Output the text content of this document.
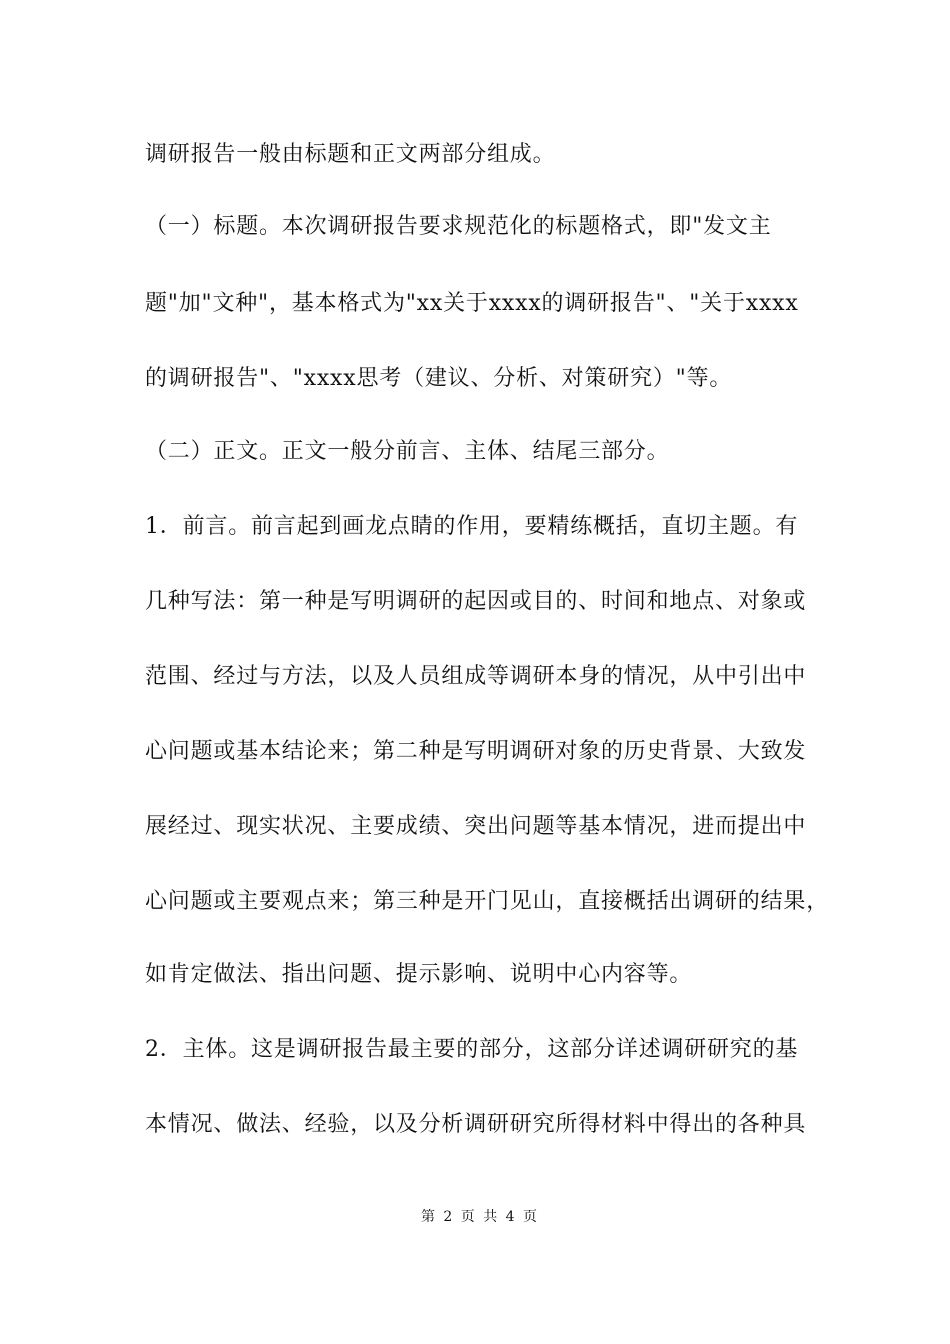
调研报告一般由标题和正文两部分组成。
（一）标题。本次调研报告要求规范化的标题格式，即"发文主
题"加"文种"，基本格式为"xx关于xxxx的调研报告"、"关于xxxx
的调研报告"、"xxxx思考（建议、分析、对策研究）"等。
（二）正文。正文一般分前言、主体、结尾三部分。
1．前言。前言起到画龙点睛的作用，要精练概括，直切主题。有
几种写法：第一种是写明调研的起因或目的、时间和地点、对象或
范围、经过与方法，以及人员组成等调研本身的情况，从中引出中
心问题或基本结论来；第二种是写明调研对象的历史背景、大致发
展经过、现实状况、主要成绩、突出问题等基本情况，进而提出中
心问题或主要观点来；第三种是开门见山，直接概括出调研的结果，
如肯定做法、指出问题、提示影响、说明中心内容等。
2．主体。这是调研报告最主要的部分，这部分详述调研研究的基
本情况、做法、经验，以及分析调研研究所得材料中得出的各种具
第 2 页 共 4 页
